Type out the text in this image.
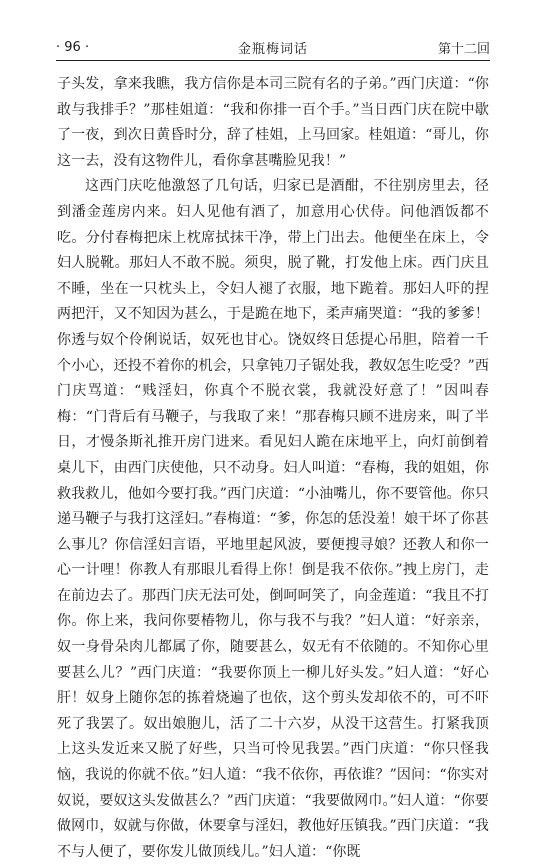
· 96 ·	金瓶梅词话	第十二回

子头发，拿来我瞧，我方信你是本司三院有名的子弟。”西门庆道：“你敢与我排手？”那桂姐道：“我和你排一百个手。”当日西门庆在院中歇了一夜，到次日黄昏时分，辞了桂姐，上马回家。桂姐道：“哥儿，你这一去，没有这物件儿，看你拿甚嘴脸见我！”

这西门庆吃他激怒了几句话，归家已是酒酣，不往别房里去，径到潘金莲房内来。妇人见他有酒了，加意用心伏侍。问他酒饭都不吃。分付春梅把床上枕席拭抹干净，带上门出去。他便坐在床上，令妇人脱靴。那妇人不敢不脱。须臾，脱了靴，打发他上床。西门庆且不睡，坐在一只枕头上，令妇人褪了衣服，地下跪着。那妇人吓的捏两把汗，又不知因为甚么，于是跪在地下，柔声痛哭道：“我的爹爹！你透与奴个伶俐说话，奴死也甘心。饶奴终日恁提心吊胆，陪着一千个小心，还投不着你的机会，只拿钝刀子锯处我，教奴怎生吃受？”西门庆骂道：“贱淫妇，你真个不脱衣裳，我就没好意了！”因叫春梅：“门背后有马鞭子，与我取了来！”那春梅只顾不进房来，叫了半日，才慢条斯礼推开房门进来。看见妇人跪在床地平上，向灯前倒着桌儿下，由西门庆使他，只不动身。妇人叫道：“春梅，我的姐姐，你救我救儿，他如今要打我。”西门庆道：“小油嘴儿，你不要管他。你只递马鞭子与我打这淫妇。”春梅道：“爹，你怎的恁没羞！娘干坏了你甚么事儿？你信淫妇言语，平地里起风波，要便搜寻娘？还教人和你一心一计哩！你教人有那眼儿看得上你！倒是我不依你。”拽上房门，走在前边去了。那西门庆无法可处，倒呵呵笑了，向金莲道：“我且不打你。你上来，我问你要椿物儿，你与我不与我？”妇人道：“好亲亲，奴一身骨朵肉儿都属了你，随要甚么，奴无有不依随的。不知你心里要甚么儿？”西门庆道：“我要你顶上一柳儿好头发。”妇人道：“好心肝！奴身上随你怎的拣着烧遍了也依，这个剪头发却依不的，可不吓死了我罢了。奴出娘胞儿，活了二十六岁，从没干这营生。打紧我顶上这头发近来又脱了好些，只当可怜见我罢。”西门庆道：“你只怪我恼，我说的你就不依。”妇人道：“我不依你，再依谁？”因问：“你实对奴说，要奴这头发做甚么？”西门庆道：“我要做网巾。”妇人道：“你要做网巾，奴就与你做，休要拿与淫妇，教他好压镇我。”西门庆道：“我不与人便了，要你发儿做顶线儿。”妇人道：“你既
